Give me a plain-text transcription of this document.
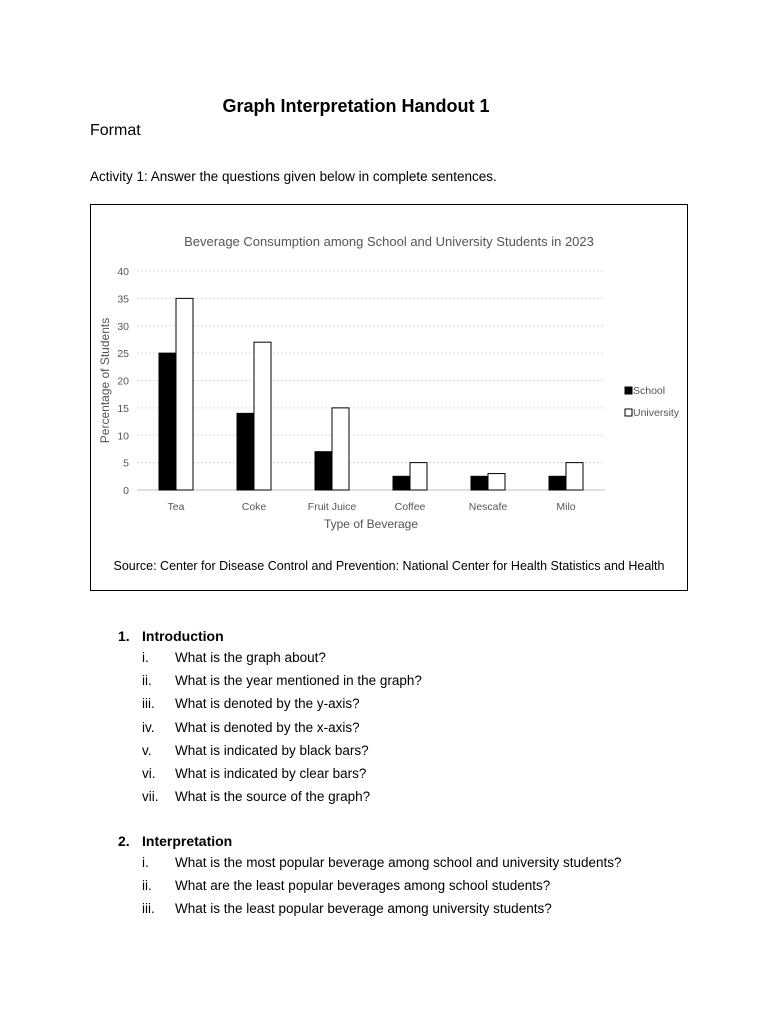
Graph Interpretation Handout 1
Format
Activity 1: Answer the questions given below in complete sentences.
Beverage Consumption among School and University Students in 2023
0
5
10
15
20
25
30
35
40
Tea	Coke	Fruit Juice	Coffee	Nescafe	Milo
Type of Beverage
Percentage of Students	School
University
Source: Center for Disease Control and Prevention: National Center for Health Statistics and Health
1. Introduction
i. What is the graph about?
ii. What is the year mentioned in the graph?
iii. What is denoted by the y-axis?
iv. What is denoted by the x-axis?
v. What is indicated by black bars?
vi. What is indicated by clear bars?
vii. What is the source of the graph?
2. Interpretation
i. What is the most popular beverage among school and university students?
ii. What are the least popular beverages among school students?
iii. What is the least popular beverage among university students?
